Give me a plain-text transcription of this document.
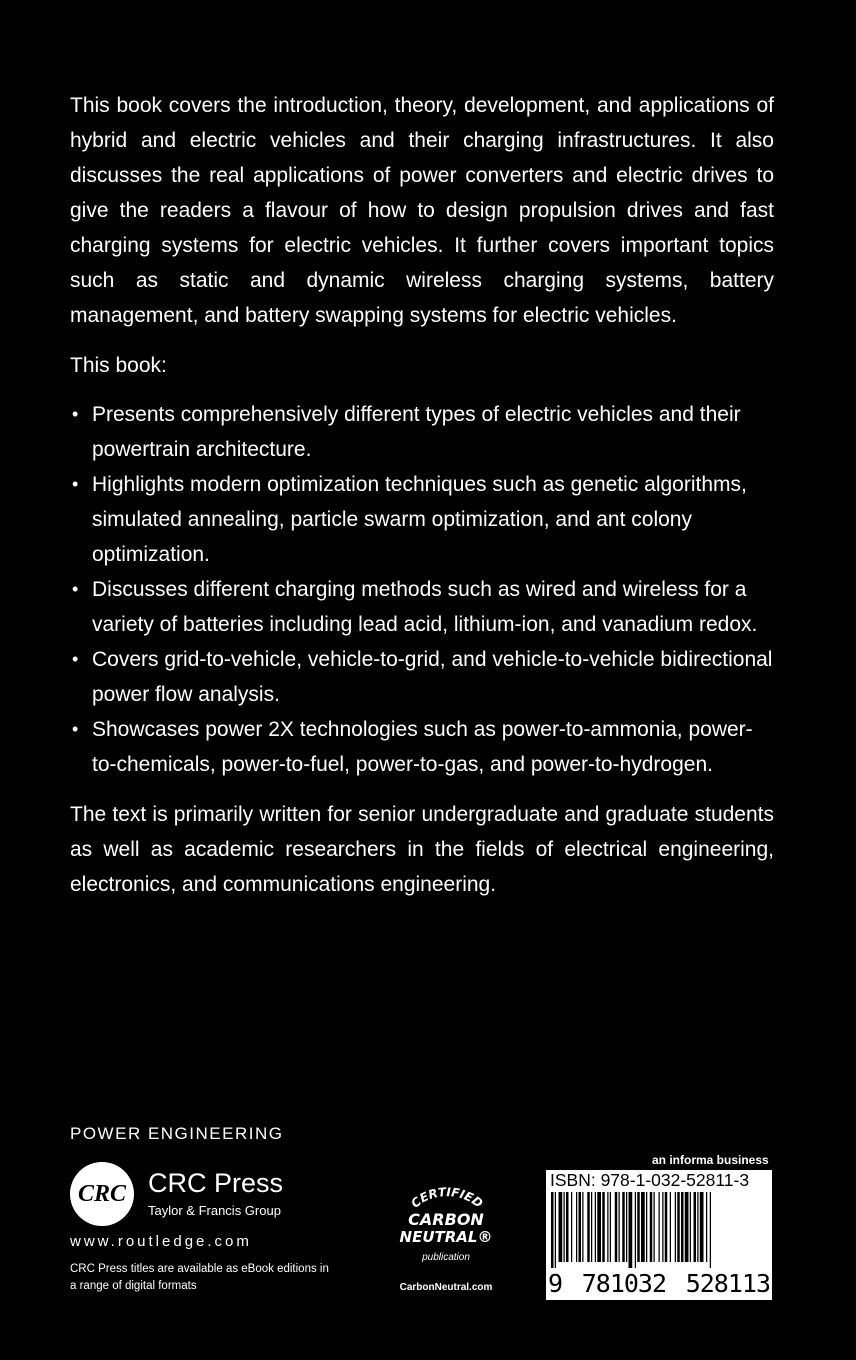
This book covers the introduction, theory, development, and applications of hybrid and electric vehicles and their charging infrastructures. It also discusses the real applications of power converters and electric drives to give the readers a flavour of how to design propulsion drives and fast charging systems for electric vehicles. It further covers important topics such as static and dynamic wireless charging systems, battery management, and battery swapping systems for electric vehicles.

This book:

• Presents comprehensively different types of electric vehicles and their powertrain architecture.
• Highlights modern optimization techniques such as genetic algorithms, simulated annealing, particle swarm optimization, and ant colony optimization.
• Discusses different charging methods such as wired and wireless for a variety of batteries including lead acid, lithium-ion, and vanadium redox.
• Covers grid-to-vehicle, vehicle-to-grid, and vehicle-to-vehicle bidirectional power flow analysis.
• Showcases power 2X technologies such as power-to-ammonia, power-to-chemicals, power-to-fuel, power-to-gas, and power-to-hydrogen.

The text is primarily written for senior undergraduate and graduate students as well as academic researchers in the fields of electrical engineering, electronics, and communications engineering.

POWER ENGINEERING
CRC CRC Press
Taylor & Francis Group
www.routledge.com
CRC Press titles are available as eBook editions in a range of digital formats
CERTIFIED
CARBON
NEUTRAL®
publication
CarbonNeutral.com
an informa business
ISBN: 978-1-032-52811-3
9 781032 528113
